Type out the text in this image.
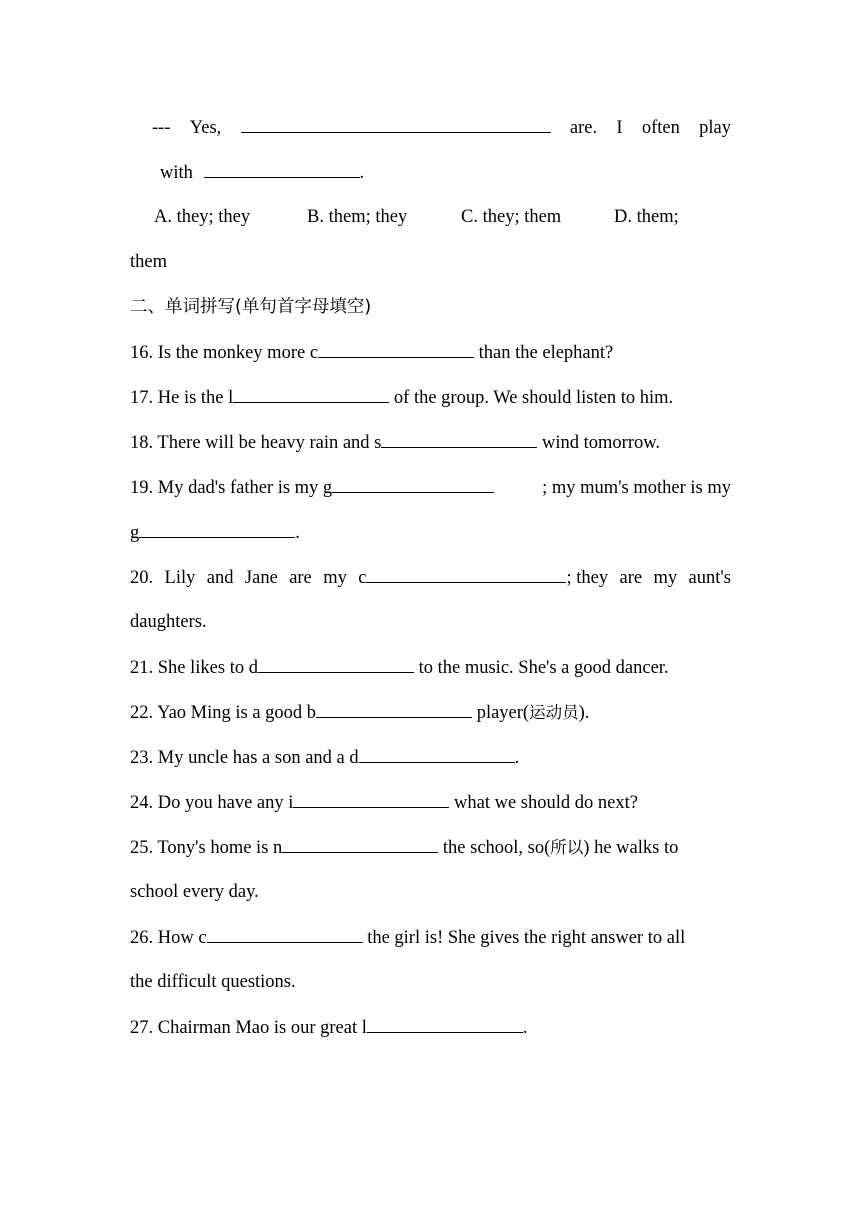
--- Yes,	are. I often play
with	.
A. they; they	B. them; they	C. they; them	D. them;
them
二、单词拼写(单句首字母填空)
16. Is the monkey more c	than the elephant?
17. He is the l	of the group. We should listen to him.
18. There will be heavy rain and s	wind tomorrow.
19. My dad's father is my g	; my mum's mother is my
g	.
20. Lily and Jane are my c	; they are my aunt's
daughters.
21. She likes to d	to the music. She's a good dancer.
22. Yao Ming is a good b	player(运动员).
23. My uncle has a son and a d	.
24. Do you have any i	what we should do next?
25. Tony's home is n	the school, so(所以) he walks to
school every day.
26. How c	the girl is! She gives the right answer to all
the difficult questions.
27. Chairman Mao is our great l	.
